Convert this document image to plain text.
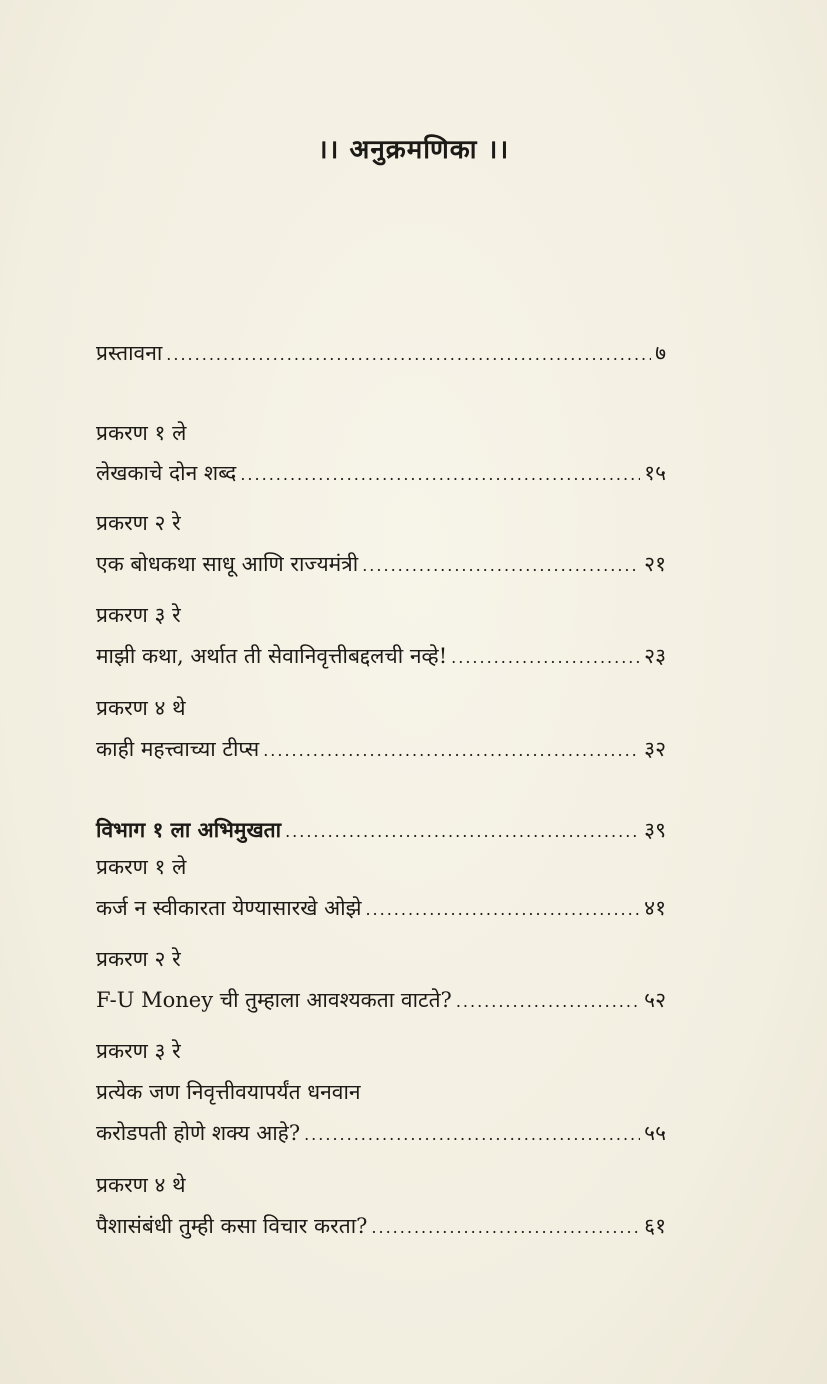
।। अनुक्रमणिका ।।
प्रस्तावना .....	७
प्रकरण १ ले
लेखकाचे दोन शब्द .....	१५
प्रकरण २ रे
एक बोधकथा साधू आणि राज्यमंत्री .....	२१
प्रकरण ३ रे
माझी कथा, अर्थात ती सेवानिवृत्तीबद्दलची नव्हे! .....	२३
प्रकरण ४ थे
काही महत्त्वाच्या टीप्स .....	३२
विभाग १ ला अभिमुखता .....	३९
प्रकरण १ ले
कर्ज न स्वीकारता येण्यासारखे ओझे .....	४१
प्रकरण २ रे
F-U Money ची तुम्हाला आवश्यकता वाटते? .....	५२
प्रकरण ३ रे
प्रत्येक जण निवृत्तीवयापर्यंत धनवान
करोडपती होणे शक्य आहे? .....	५५
प्रकरण ४ थे
पैशासंबंधी तुम्ही कसा विचार करता? .....	६१
